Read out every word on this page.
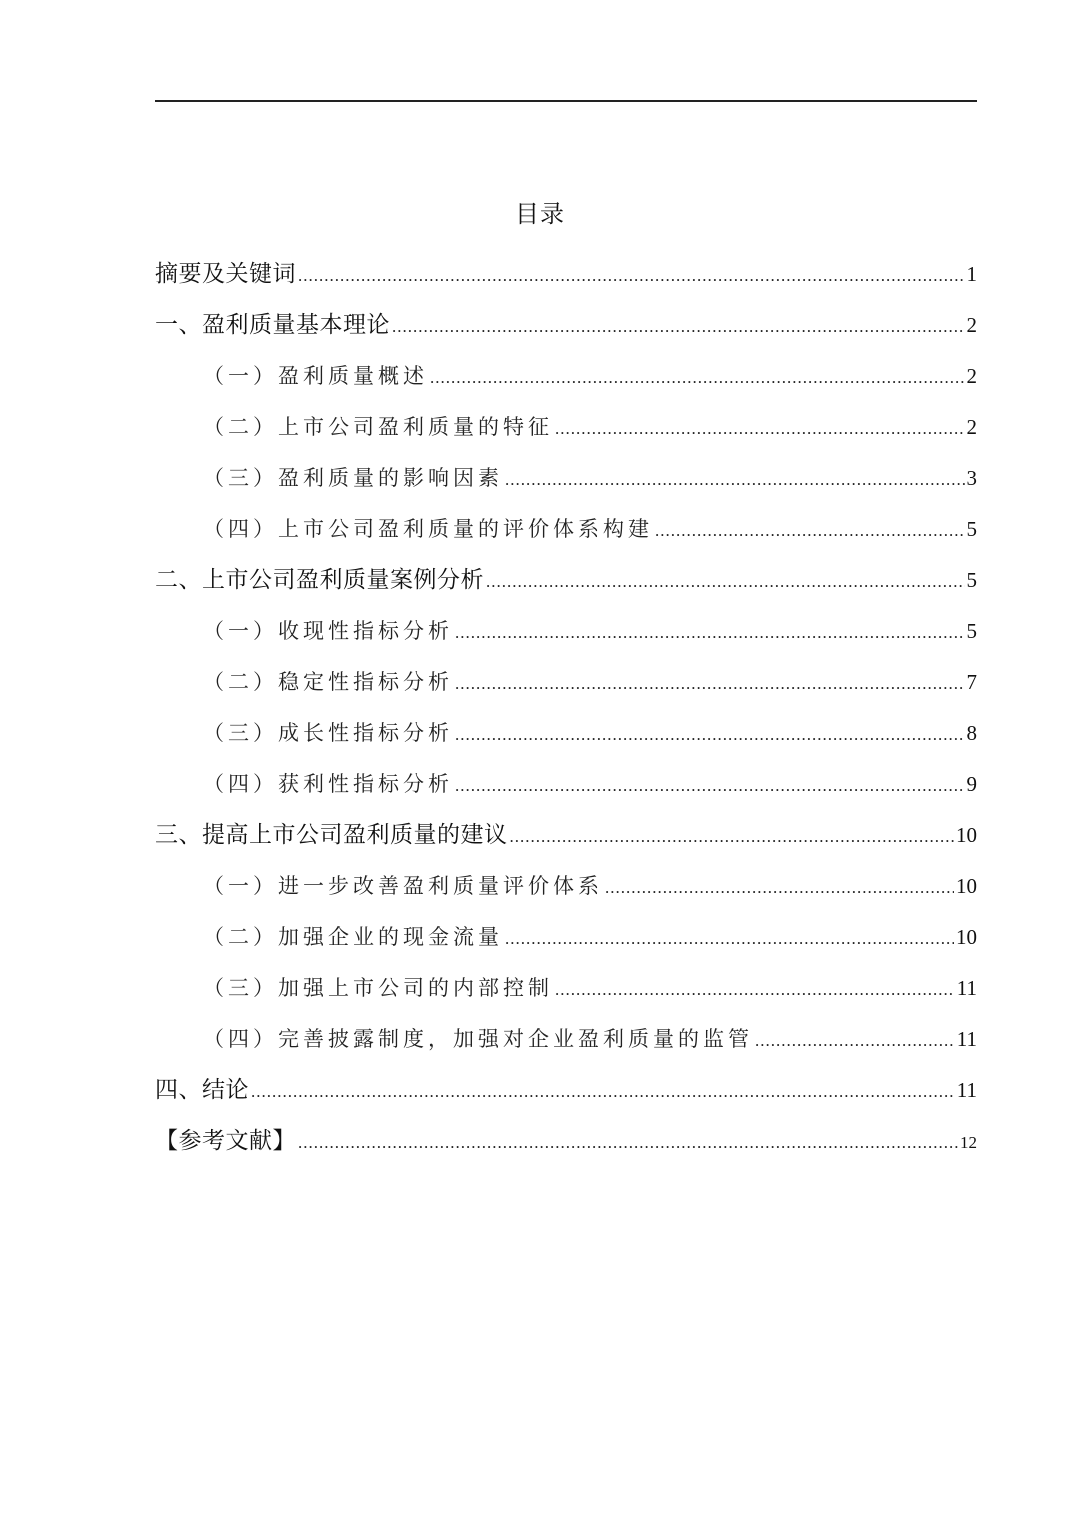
目录
摘要及关键词 .....	1
一、盈利质量基本理论 .....	2
（一）盈利质量概述 .....	2
（二）上市公司盈利质量的特征 .....	2
（三）盈利质量的影响因素 .....	3
（四）上市公司盈利质量的评价体系构建 .....	5
二、上市公司盈利质量案例分析 .....	5
（一）收现性指标分析 .....	5
（二）稳定性指标分析 .....	7
（三）成长性指标分析 .....	8
（四）获利性指标分析 .....	9
三、提高上市公司盈利质量的建议 .....	10
（一）进一步改善盈利质量评价体系 .....	10
（二）加强企业的现金流量 .....	10
（三）加强上市公司的内部控制 .....	11
（四）完善披露制度，加强对企业盈利质量的监管 .....	11
四、结论 .....	11
【参考文献】 .....	12
